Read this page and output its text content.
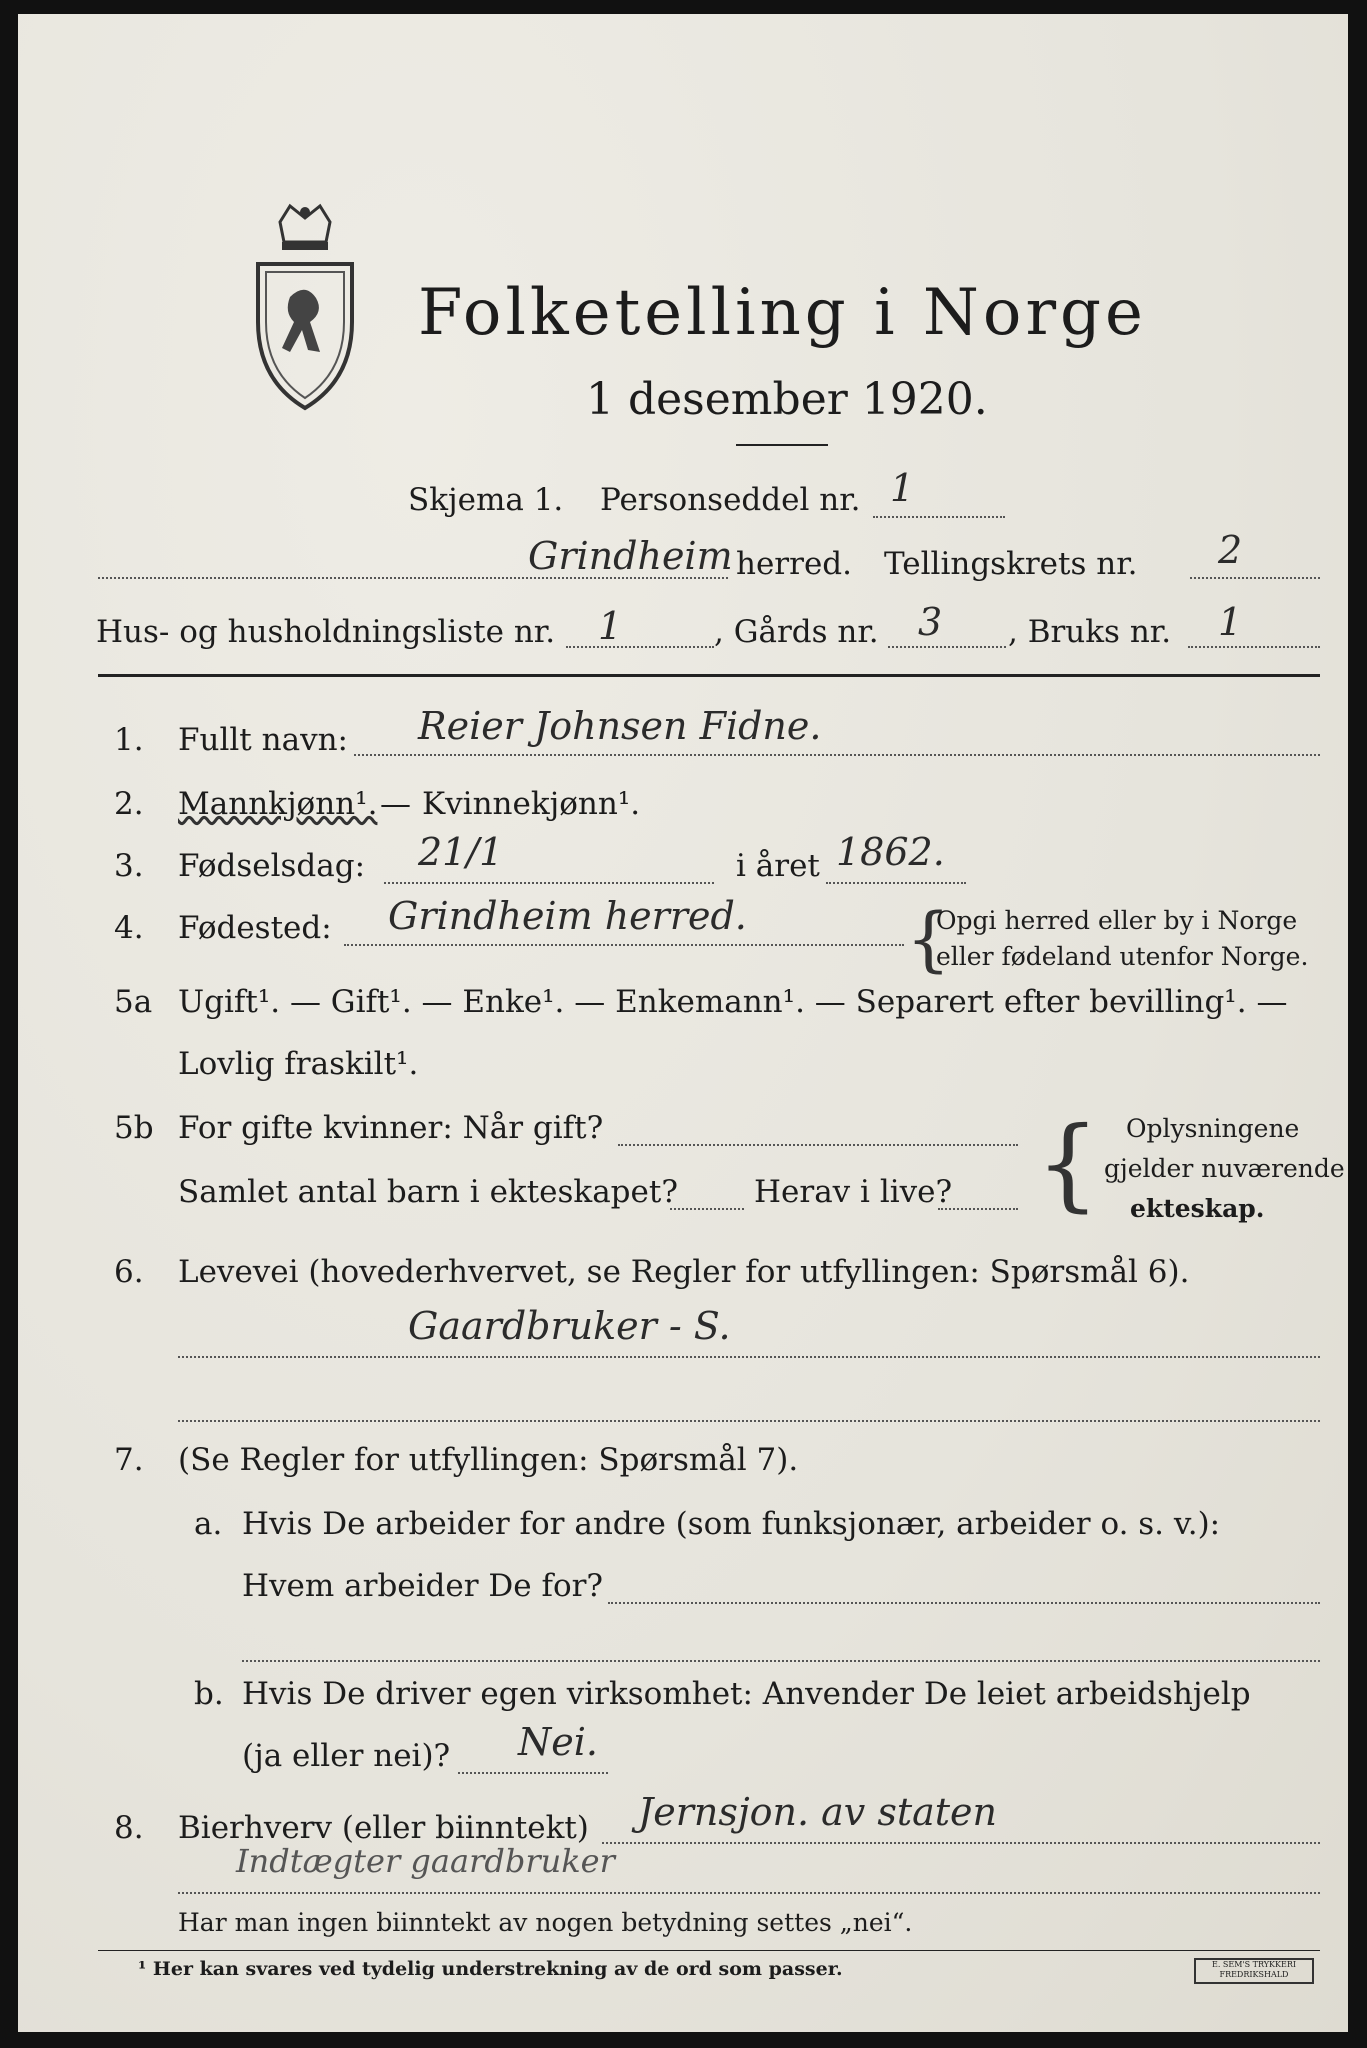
Folketelling i Norge
1 desember 1920.
Skjema 1. Personseddel nr. 1
Grindheim herred. Tellingskrets nr. 2
Hus- og husholdningsliste nr. 1	, Gårds nr. 3 , Bruks nr. 1
1. Fullt navn: Reier Johnsen Fidne.
2. Mannkjønn¹. — Kvinnekjønn¹.
3. Fødselsdag: 21/1	i året 1862.
4. Fødested: Grindheim herred. {
Opgi herred eller by i Norge
eller fødeland utenfor Norge.
5a Ugift¹. — Gift¹. — Enke¹. — Enkemann¹. — Separert efter bevilling¹. —
Lovlig fraskilt¹.
5b For gifte kvinner: Når gift?
Samlet antal barn i ekteskapet? Herav i live? { Oplysningene
gjelder nuværende
ekteskap.
6. Levevei (hovederhvervet, se Regler for utfyllingen: Spørsmål 6).
Gaardbruker - S.
7. (Se Regler for utfyllingen: Spørsmål 7).
a. Hvis De arbeider for andre (som funksjonær, arbeider o. s. v.):
Hvem arbeider De for?
b. Hvis De driver egen virksomhet: Anvender De leiet arbeidshjelp
(ja eller nei)? Nei.
8. Bierhverv (eller biinntekt) Jernsjon. av staten
Indtægter gaardbruker
Har man ingen biinntekt av nogen betydning settes „nei“.
¹ Her kan svares ved tydelig understrekning av de ord som passer.	E. SEM'S TRYKKERI FREDRIKSHALD
